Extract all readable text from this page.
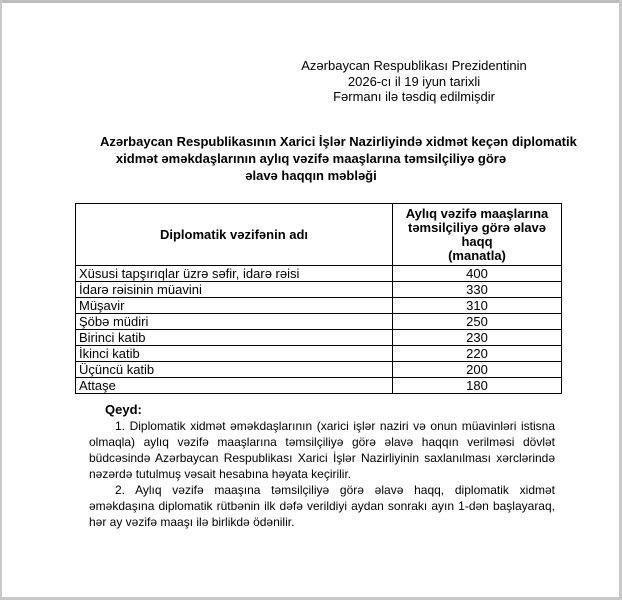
Azərbaycan Respublikası Prezidentinin
2026-cı il 19 iyun tarixli
Fərmanı ilə təsdiq edilmişdir
Azərbaycan Respublikasının Xarici İşlər Nazirliyində xidmət keçən diplomatik
xidmət əməkdaşlarının aylıq vəzifə maaşlarına təmsilçiliyə görə
əlavə haqqın məbləği
Diplomatik vəzifənin adı	Aylıq vəzifə maaşlarına
təmsilçiliyə görə əlavə
haqq
(manatla)
Xüsusi tapşırıqlar üzrə səfir, idarə rəisi	400
İdarə rəisinin müavini	330
Müşavir	310
Şöbə müdiri	250
Birinci katib	230
İkinci katib	220
Üçüncü katib	200
Attaşe	180
Qeyd:

1. Diplomatik xidmət əməkdaşlarının (xarici işlər naziri və onun müavinləri istisna olmaqla) aylıq vəzifə maaşlarına təmsilçiliyə görə əlavə haqqın verilməsi dövlət büdcəsində Azərbaycan Respublikası Xarici İşlər Nazirliyinin saxlanılması xərclərində nəzərdə tutulmuş vəsait hesabına həyata keçirilir.

2. Aylıq vəzifə maaşına təmsilçiliyə görə əlavə haqq, diplomatik xidmət əməkdaşına diplomatik rütbənin ilk dəfə verildiyi aydan sonrakı ayın 1-dən başlayaraq, hər ay vəzifə maaşı ilə birlikdə ödənilir.
